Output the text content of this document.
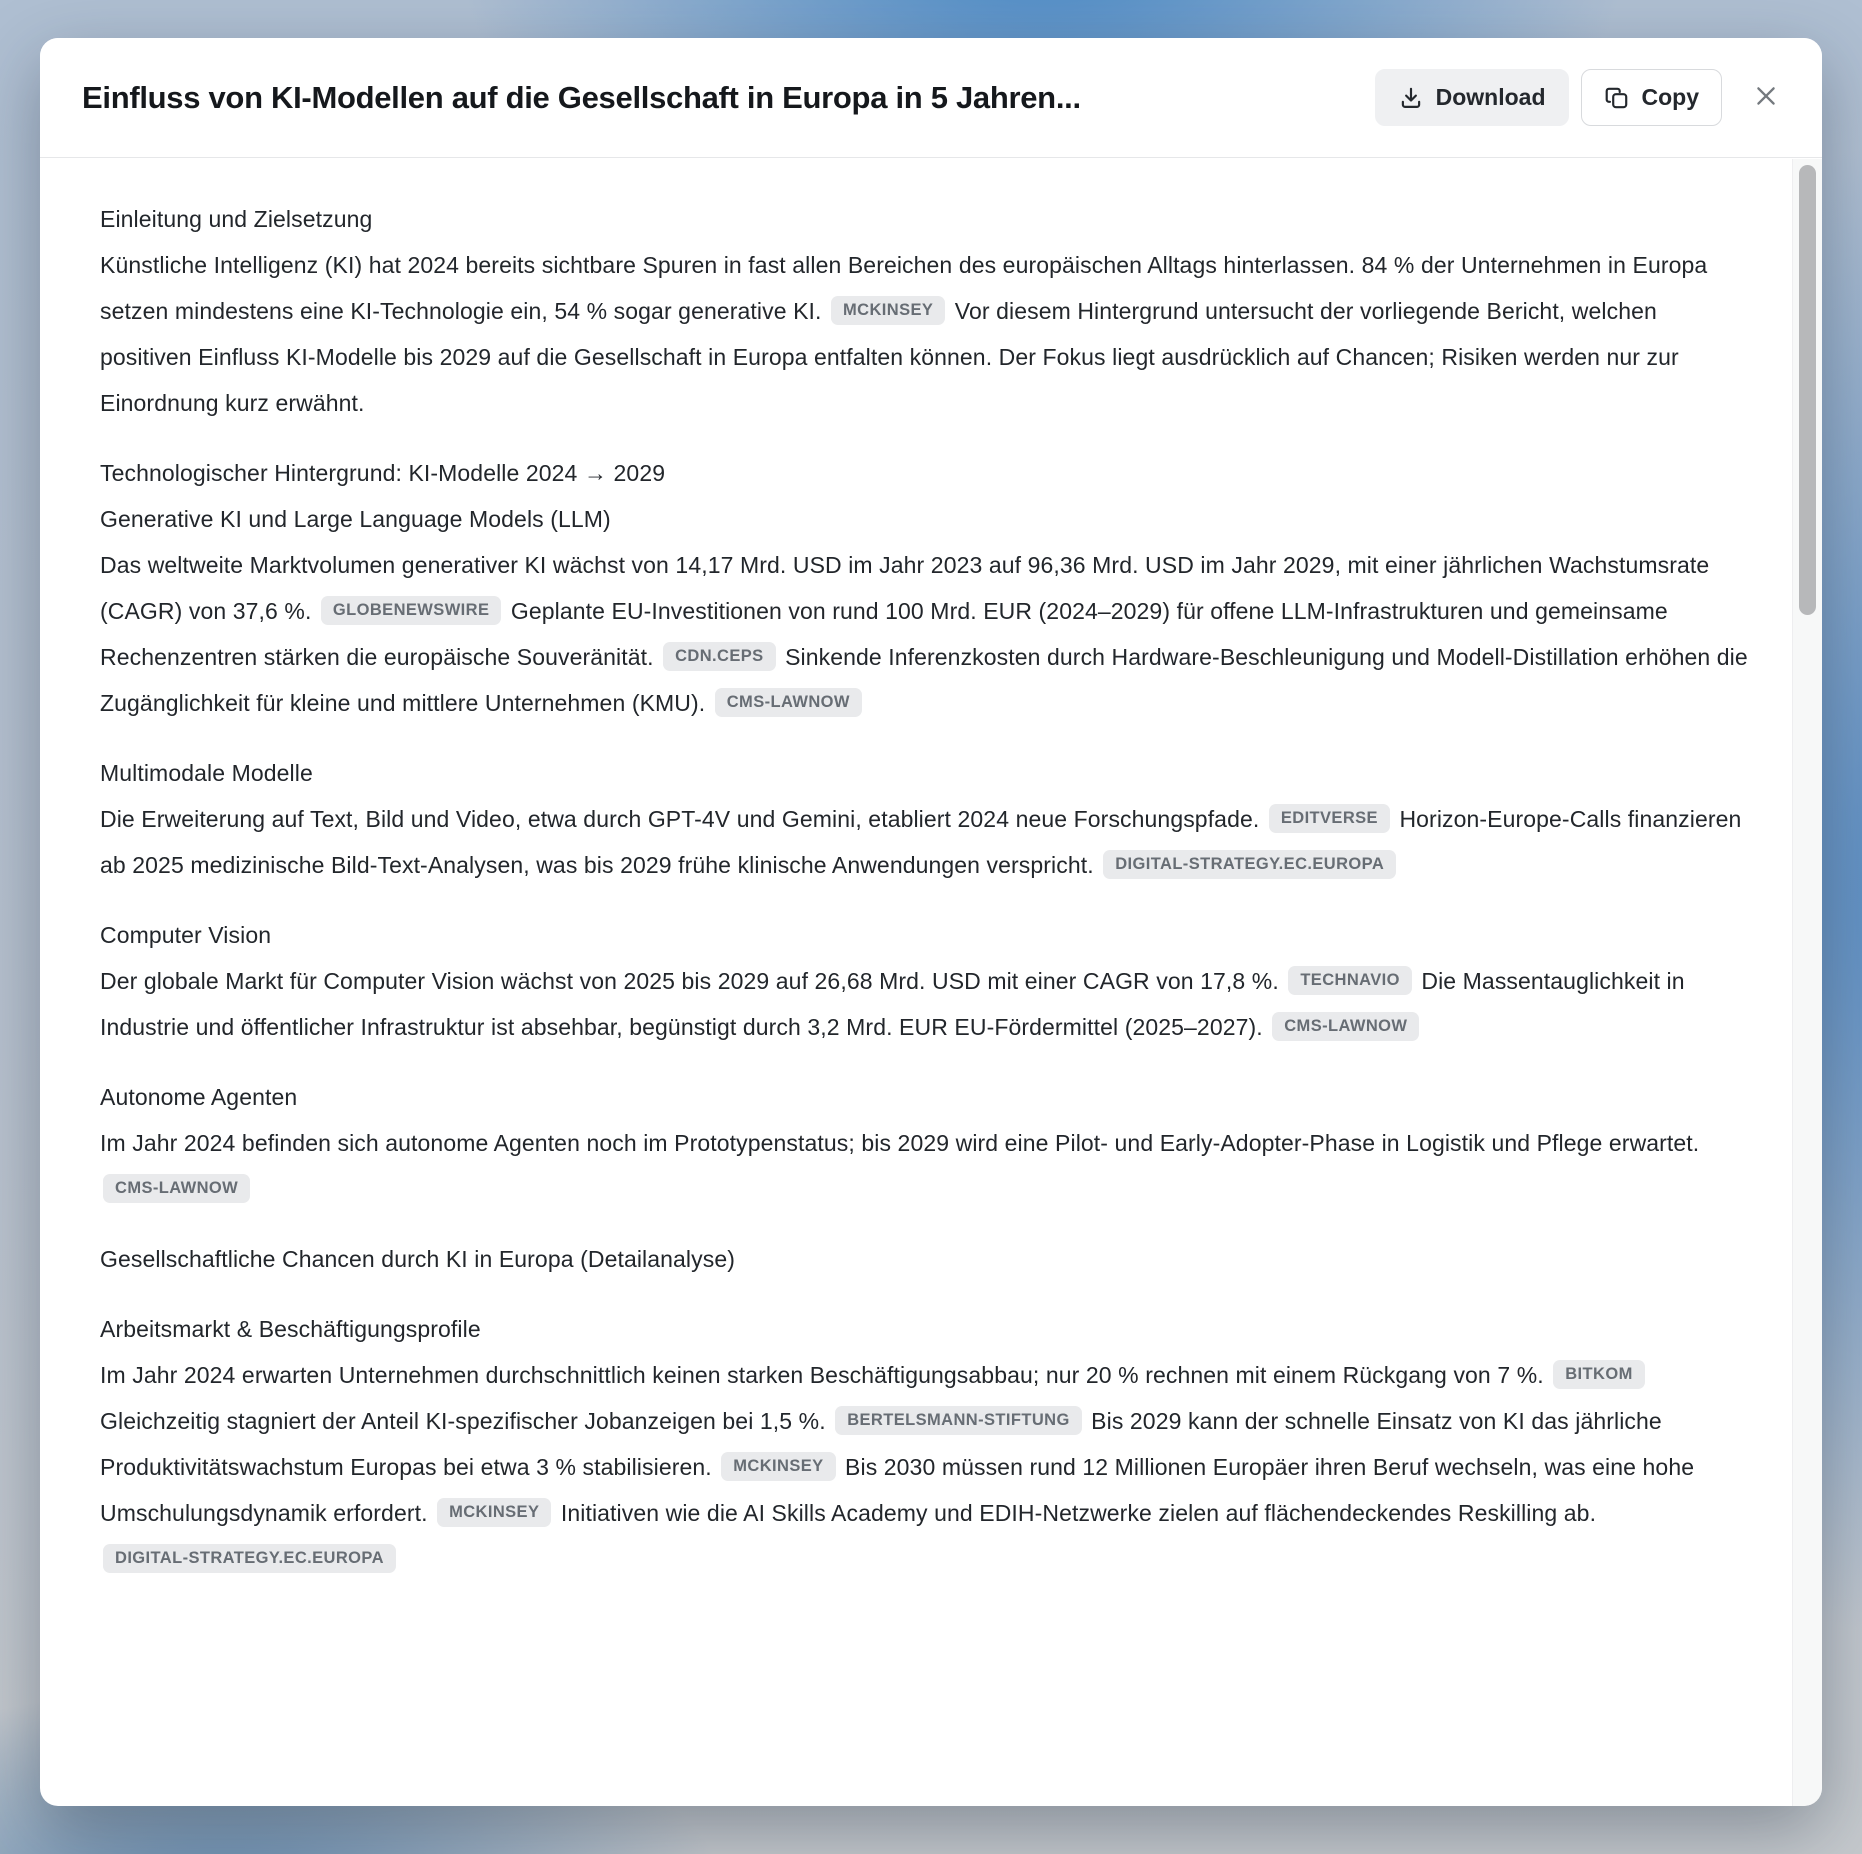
Einfluss von KI-Modellen auf die Gesellschaft in Europa in 5 Jahren...	Download	Copy
Einleitung und Zielsetzung
Künstliche Intelligenz (KI) hat 2024 bereits sichtbare Spuren in fast allen Bereichen des europäischen Alltags hinterlassen. 84 % der Unternehmen in Europa setzen mindestens eine KI-Technologie ein, 54 % sogar generative KI. MCKINSEY Vor diesem Hintergrund untersucht der vorliegende Bericht, welchen positiven Einfluss KI-Modelle bis 2029 auf die Gesellschaft in Europa entfalten können. Der Fokus liegt ausdrücklich auf Chancen; Risiken werden nur zur Einordnung kurz erwähnt.
Technologischer Hintergrund: KI-Modelle 2024 → 2029
Generative KI und Large Language Models (LLM)
Das weltweite Marktvolumen generativer KI wächst von 14,17 Mrd. USD im Jahr 2023 auf 96,36 Mrd. USD im Jahr 2029, mit einer jährlichen Wachstumsrate (CAGR) von 37,6 %. GLOBENEWSWIRE Geplante EU-Investitionen von rund 100 Mrd. EUR (2024–2029) für offene LLM-Infrastrukturen und gemeinsame Rechenzentren stärken die europäische Souveränität. CDN.CEPS Sinkende Inferenzkosten durch Hardware-Beschleunigung und Modell-Distillation erhöhen die Zugänglichkeit für kleine und mittlere Unternehmen (KMU). CMS-LAWNOW
Multimodale Modelle
Die Erweiterung auf Text, Bild und Video, etwa durch GPT-4V und Gemini, etabliert 2024 neue Forschungspfade. EDITVERSE Horizon-Europe-Calls finanzieren ab 2025 medizinische Bild-Text-Analysen, was bis 2029 frühe klinische Anwendungen verspricht. DIGITAL-STRATEGY.EC.EUROPA
Computer Vision
Der globale Markt für Computer Vision wächst von 2025 bis 2029 auf 26,68 Mrd. USD mit einer CAGR von 17,8 %. TECHNAVIO Die Massentauglichkeit in Industrie und öffentlicher Infrastruktur ist absehbar, begünstigt durch 3,2 Mrd. EUR EU-Fördermittel (2025–2027). CMS-LAWNOW
Autonome Agenten
Im Jahr 2024 befinden sich autonome Agenten noch im Prototypenstatus; bis 2029 wird eine Pilot- und Early-Adopter-Phase in Logistik und Pflege erwartet. CMS-LAWNOW
Gesellschaftliche Chancen durch KI in Europa (Detailanalyse)
Arbeitsmarkt & Beschäftigungsprofile
Im Jahr 2024 erwarten Unternehmen durchschnittlich keinen starken Beschäftigungsabbau; nur 20 % rechnen mit einem Rückgang von 7 %. BITKOM Gleichzeitig stagniert der Anteil KI-spezifischer Jobanzeigen bei 1,5 %. BERTELSMANN-STIFTUNG Bis 2029 kann der schnelle Einsatz von KI das jährliche Produktivitätswachstum Europas bei etwa 3 % stabilisieren. MCKINSEY Bis 2030 müssen rund 12 Millionen Europäer ihren Beruf wechseln, was eine hohe Umschulungsdynamik erfordert. MCKINSEY Initiativen wie die AI Skills Academy und EDIH-Netzwerke zielen auf flächendeckendes Reskilling ab. DIGITAL-STRATEGY.EC.EUROPA
